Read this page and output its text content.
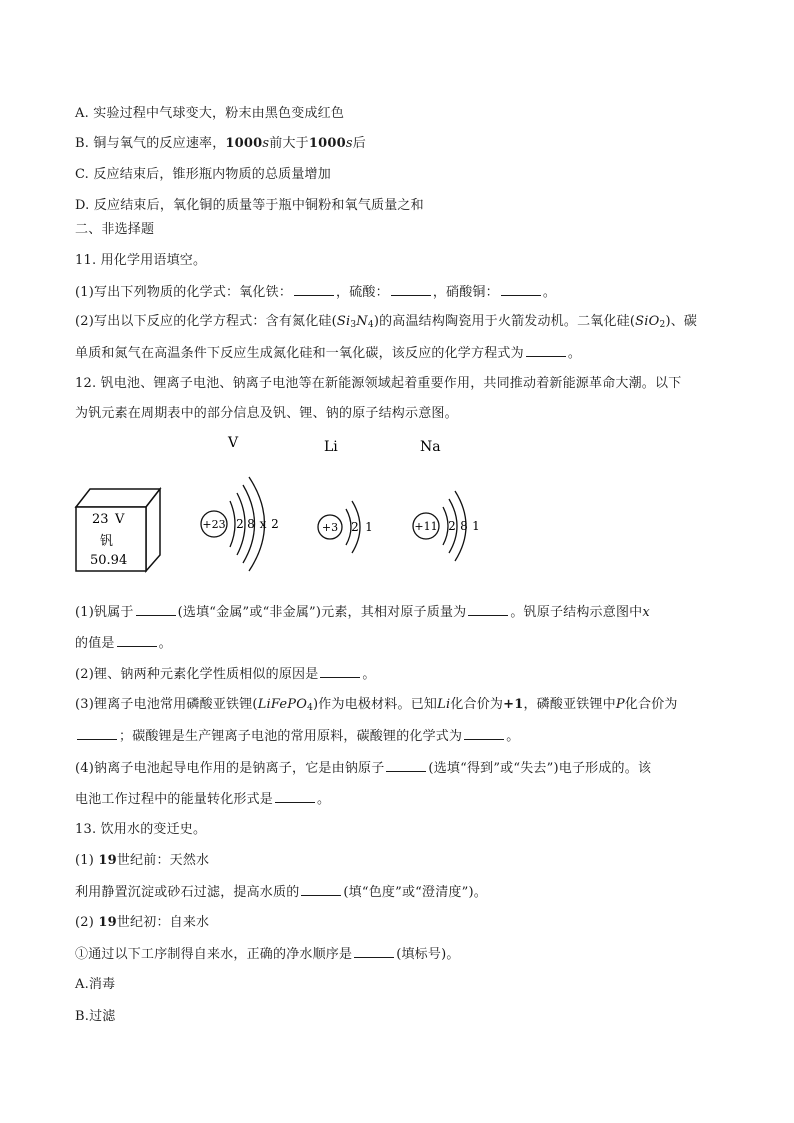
A. 实验过程中气球变大，粉末由黑色变成红色
B. 铜与氧气的反应速率，1000s前大于1000s后
C. 反应结束后，锥形瓶内物质的总质量增加
D. 反应结束后，氧化铜的质量等于瓶中铜粉和氧气质量之和
二、非选择题
11. 用化学用语填空。
(1)写出下列物质的化学式：氧化铁：	，硫酸：	，硝酸铜：	。
(2)写出以下反应的化学方程式：含有氮化硅$(Si_3N_4)$的高温结构陶瓷用于火箭发动机。二氧化硅(SiO$_2$)、碳
单质和氮气在高温条件下反应生成氮化硅和一氧化碳，该反应的化学方程式为	。
12. 钒电池、锂离子电池、钠离子电池等在新能源领域起着重要作用，共同推动着新能源革命大潮。以下
为钒元素在周期表中的部分信息及钒、锂、钠的原子结构示意图。
23 V
钒
50.94
V
+23 2 8 x 2
Li
+3 2 1
Na
+11 2 8 1
(1)钒属于	(选填“金属”或“非金属”)元素，其相对原子质量为	。钒原子结构示意图中x
的值是	。
(2)锂、钠两种元素化学性质相似的原因是	。
(3)锂离子电池常用磷酸亚铁锂(LiFePO$_4$)作为电极材料。已知Li化合价为+1，磷酸亚铁锂中P化合价为
；碳酸锂是生产锂离子电池的常用原料，碳酸锂的化学式为	。
(4)钠离子电池起导电作用的是钠离子，它是由钠原子	(选填“得到”或“失去”)电子形成的。该
电池工作过程中的能量转化形式是	。
13. 饮用水的变迁史。
(1) 19世纪前：天然水
利用静置沉淀或砂石过滤，提高水质的	(填“色度”或“澄清度”)。
(2) 19世纪初：自来水
①通过以下工序制得自来水，正确的净水顺序是	(填标号)。
A.消毒
B.过滤
